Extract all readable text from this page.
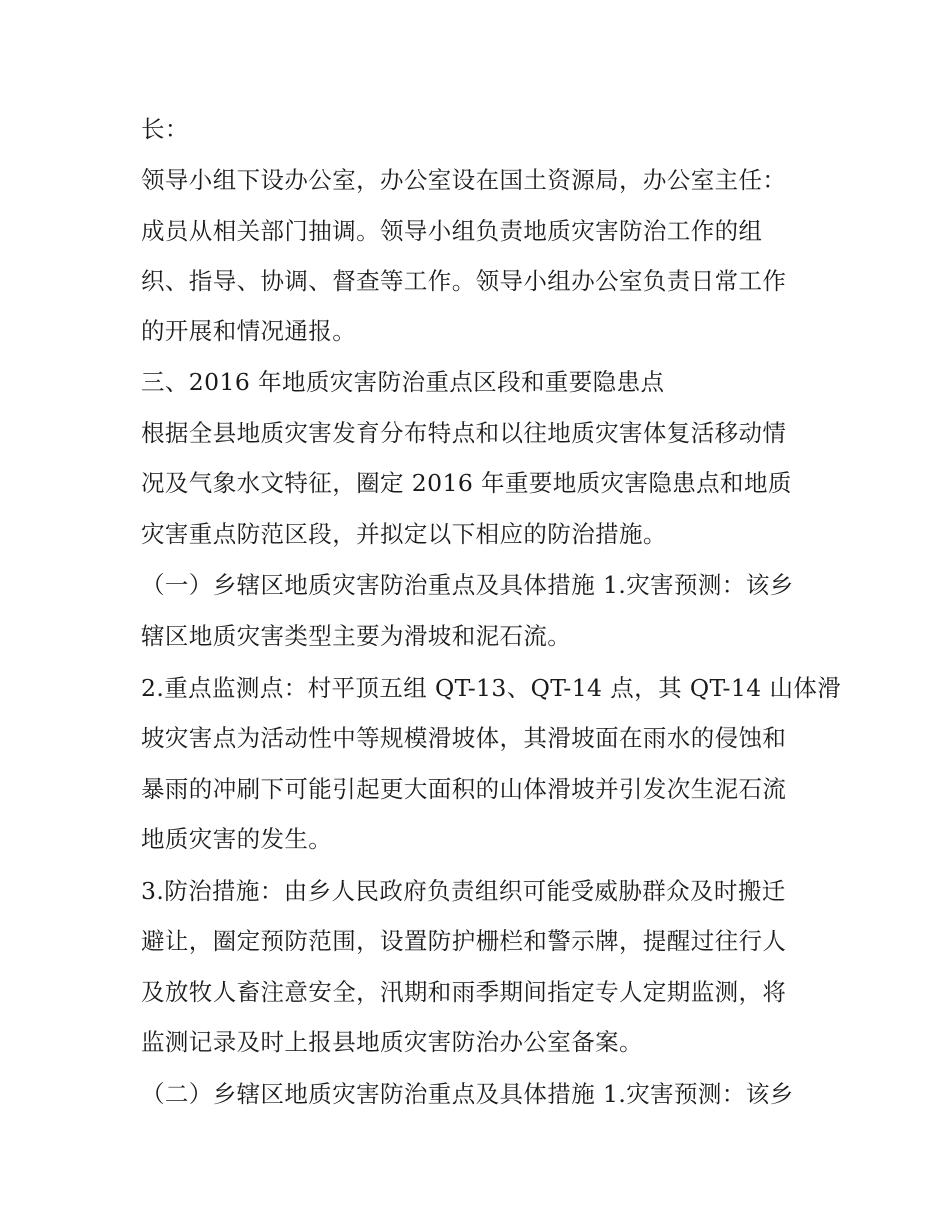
长：

领导小组下设办公室，办公室设在国土资源局，办公室主任：

成员从相关部门抽调。领导小组负责地质灾害防治工作的组

织、指导、协调、督查等工作。领导小组办公室负责日常工作

的开展和情况通报。

三、2016 年地质灾害防治重点区段和重要隐患点

根据全县地质灾害发育分布特点和以往地质灾害体复活移动情

况及气象水文特征，圈定 2016 年重要地质灾害隐患点和地质

灾害重点防范区段，并拟定以下相应的防治措施。

（一）乡辖区地质灾害防治重点及具体措施 1.灾害预测：该乡

辖区地质灾害类型主要为滑坡和泥石流。

2.重点监测点：村平顶五组 QT-13、QT-14 点，其 QT-14 山体滑

坡灾害点为活动性中等规模滑坡体，其滑坡面在雨水的侵蚀和

暴雨的冲刷下可能引起更大面积的山体滑坡并引发次生泥石流

地质灾害的发生。

3.防治措施：由乡人民政府负责组织可能受威胁群众及时搬迁

避让，圈定预防范围，设置防护栅栏和警示牌，提醒过往行人

及放牧人畜注意安全，汛期和雨季期间指定专人定期监测，将

监测记录及时上报县地质灾害防治办公室备案。

（二）乡辖区地质灾害防治重点及具体措施 1.灾害预测：该乡
